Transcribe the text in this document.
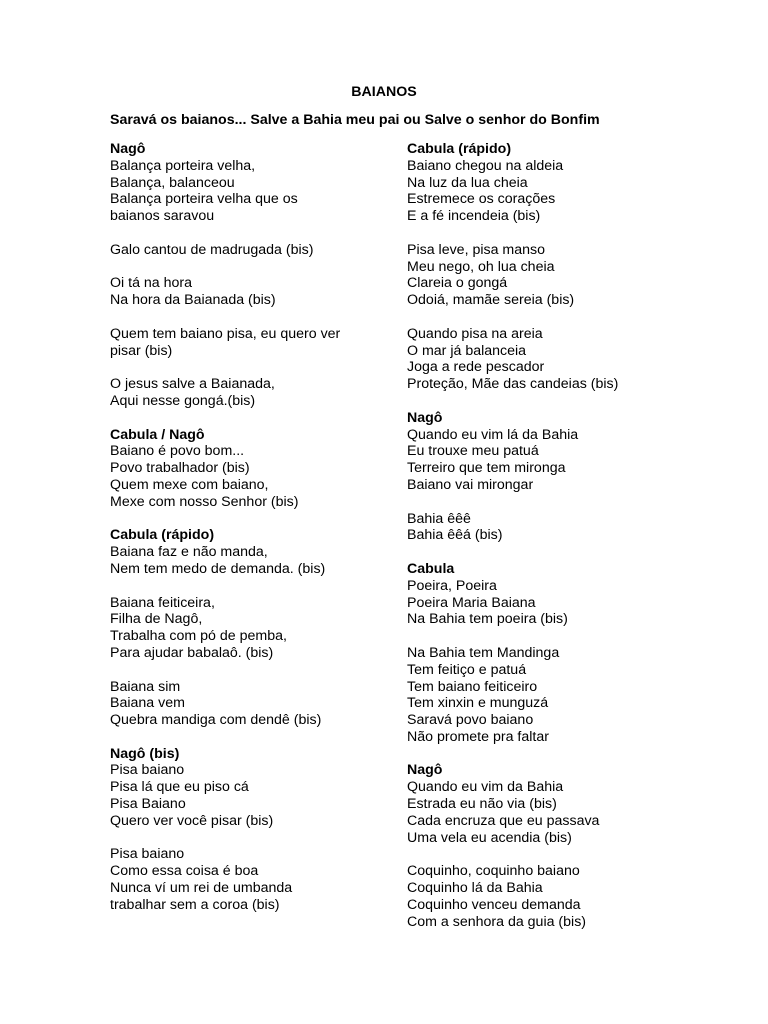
BAIANOS

Saravá os baianos... Salve a Bahia meu pai ou Salve o senhor do Bonfim

Nagô
Balança porteira velha,
Balança, balanceou
Balança porteira velha que os
baianos saravou
Galo cantou de madrugada (bis)
Oi tá na hora
Na hora da Baianada (bis)
Quem tem baiano pisa, eu quero ver
pisar (bis)
O jesus salve a Baianada,
Aqui nesse gongá.(bis)
Cabula / Nagô
Baiano é povo bom...
Povo trabalhador (bis)
Quem mexe com baiano,
Mexe com nosso Senhor (bis)
Cabula (rápido)
Baiana faz e não manda,
Nem tem medo de demanda. (bis)
Baiana feiticeira,
Filha de Nagô,
Trabalha com pó de pemba,
Para ajudar babalaô. (bis)
Baiana sim
Baiana vem
Quebra mandiga com dendê (bis)
Nagô (bis)
Pisa baiano
Pisa lá que eu piso cá
Pisa Baiano
Quero ver você pisar (bis)
Pisa baiano
Como essa coisa é boa
Nunca ví um rei de umbanda
trabalhar sem a coroa (bis)
Cabula (rápido)
Baiano chegou na aldeia
Na luz da lua cheia
Estremece os corações
E a fé incendeia (bis)
Pisa leve, pisa manso
Meu nego, oh lua cheia
Clareia o gongá
Odoiá, mamãe sereia (bis)
Quando pisa na areia
O mar já balanceia
Joga a rede pescador
Proteção, Mãe das candeias (bis)
Nagô
Quando eu vim lá da Bahia
Eu trouxe meu patuá
Terreiro que tem mironga
Baiano vai mirongar
Bahia êêê
Bahia êêá (bis)
Cabula
Poeira, Poeira
Poeira Maria Baiana
Na Bahia tem poeira (bis)
Na Bahia tem Mandinga
Tem feitiço e patuá
Tem baiano feiticeiro
Tem xinxin e munguzá
Saravá povo baiano
Não promete pra faltar
Nagô
Quando eu vim da Bahia
Estrada eu não via (bis)
Cada encruza que eu passava
Uma vela eu acendia (bis)
Coquinho, coquinho baiano
Coquinho lá da Bahia
Coquinho venceu demanda
Com a senhora da guia (bis)
